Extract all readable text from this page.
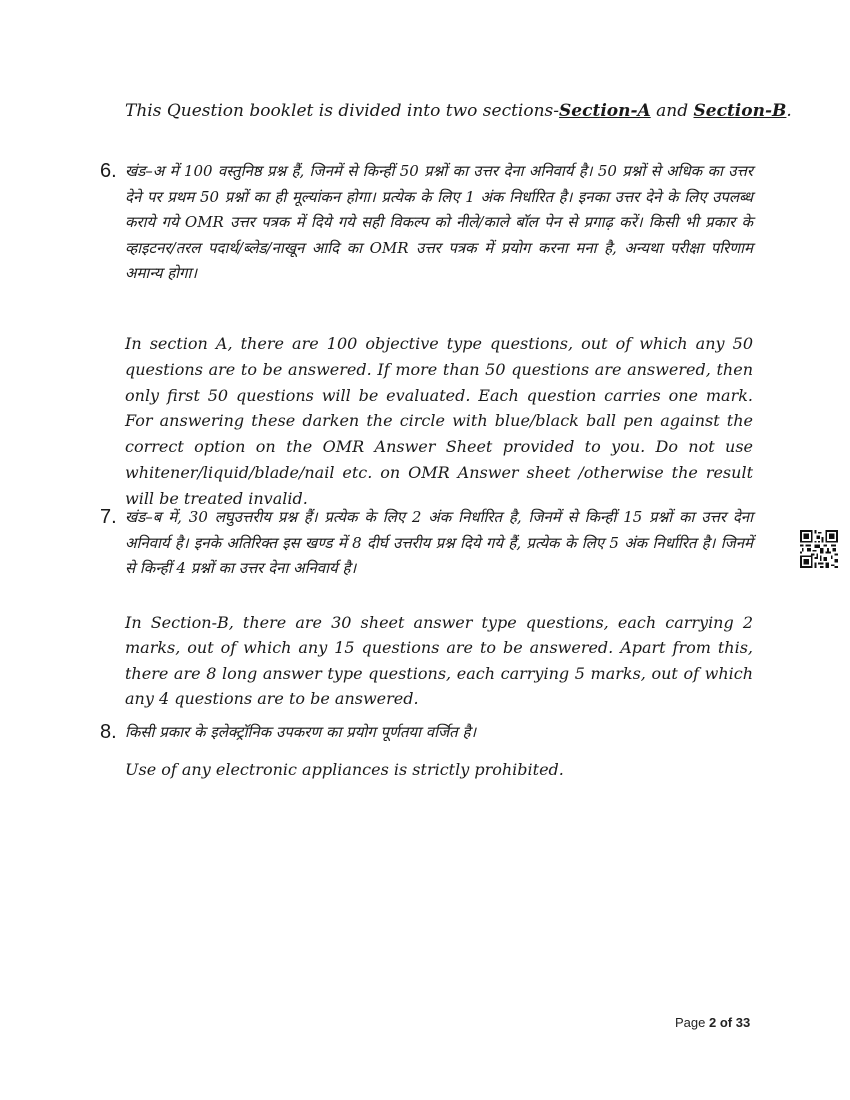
This Question booklet is divided into two sections-Section-A and Section-B.
6. खंड–अ में 100 वस्तुनिष्ठ प्रश्न हैं, जिनमें से किन्हीं 50 प्रश्नों का उत्तर देना अनिवार्य है। 50 प्रश्नों से अधिक का उत्तर देने पर प्रथम 50 प्रश्नों का ही मूल्यांकन होगा। प्रत्येक के लिए 1 अंक निर्धारित है। इनका उत्तर देने के लिए उपलब्ध कराये गये OMR उत्तर पत्रक में दिये गये सही विकल्प को नीले/काले बॉल पेन से प्रगाढ़ करें। किसी भी प्रकार के व्हाइटनर/तरल पदार्थ/ब्लेड/नाखून आदि का OMR उत्तर पत्रक में प्रयोग करना मना है, अन्यथा परीक्षा परिणाम अमान्य होगा।
In section A, there are 100 objective type questions, out of which any 50 questions are to be answered. If more than 50 questions are answered, then only first 50 questions will be evaluated. Each question carries one mark. For answering these darken the circle with blue/black ball pen against the correct option on the OMR Answer Sheet provided to you. Do not use whitener/liquid/blade/nail etc. on OMR Answer sheet /otherwise the result will be treated invalid.
7. खंड–ब में, 30 लघुउत्तरीय प्रश्न हैं। प्रत्येक के लिए 2 अंक निर्धारित है, जिनमें से किन्हीं 15 प्रश्नों का उत्तर देना अनिवार्य है। इनके अतिरिक्त इस खण्ड में 8 दीर्घ उत्तरीय प्रश्न दिये गये हैं, प्रत्येक के लिए 5 अंक निर्धारित है। जिनमें से किन्हीं 4 प्रश्नों का उत्तर देना अनिवार्य है।
In Section-B, there are 30 sheet answer type questions, each carrying 2 marks, out of which any 15 questions are to be answered. Apart from this, there are 8 long answer type questions, each carrying 5 marks, out of which any 4 questions are to be answered.
8. किसी प्रकार के इलेक्ट्रॉनिक उपकरण का प्रयोग पूर्णतया वर्जित है।
Use of any electronic appliances is strictly prohibited.
Page 2 of 33
